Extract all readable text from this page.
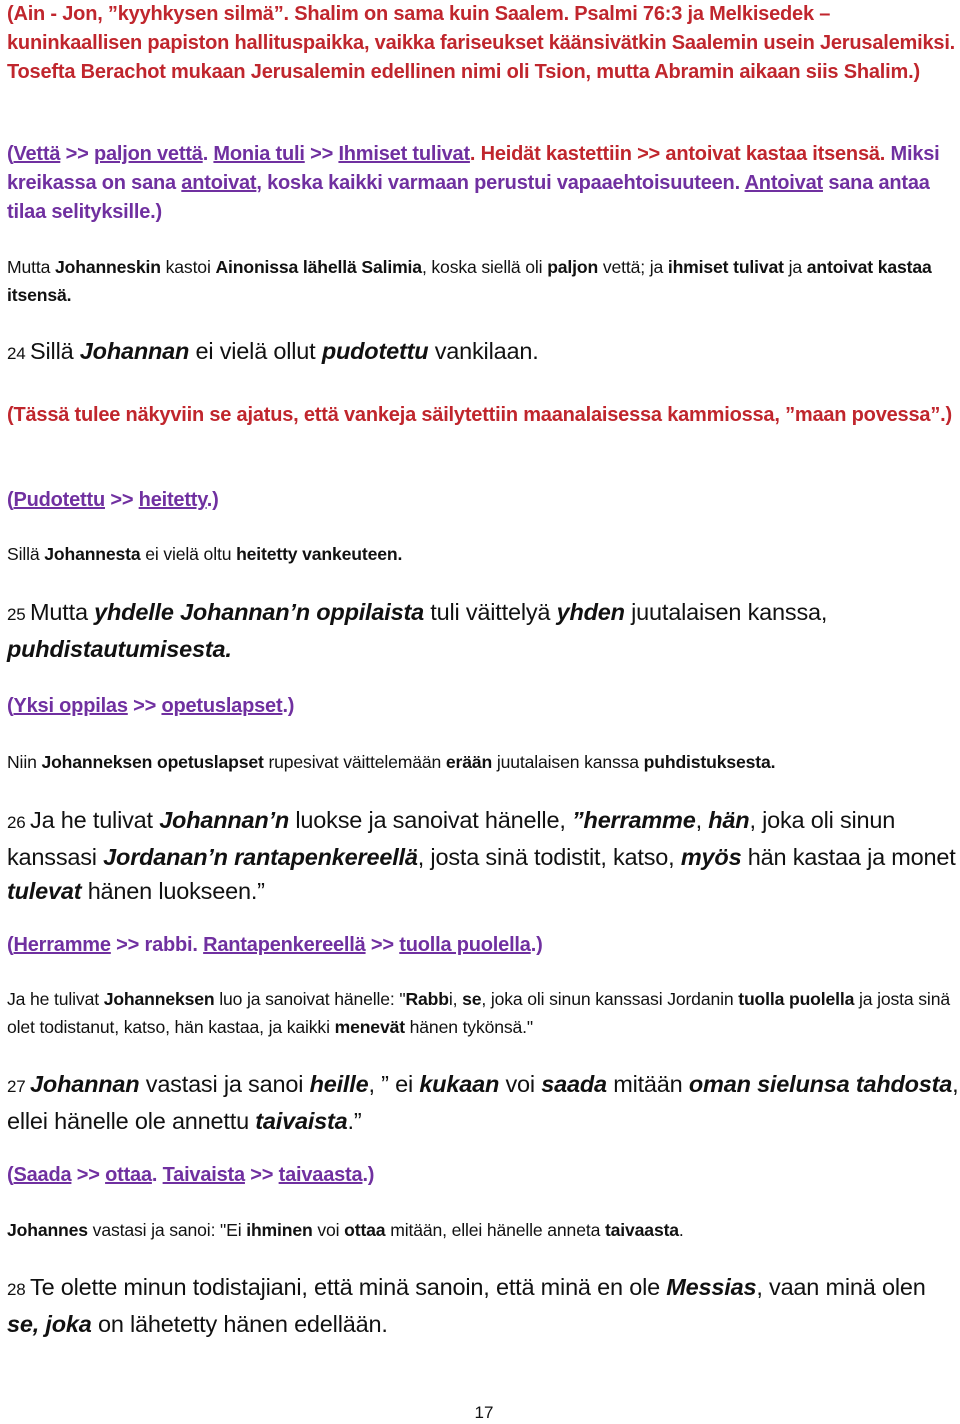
(Ain - Jon, ”kyyhkysen silmä”. Shalim on sama kuin Saalem. Psalmi 76:3 ja Melkisedek – kuninkaallisen papiston hallituspaikka, vaikka fariseukset käänsivätkin Saalemin usein Jerusalemiksi. Tosefta Berachot mukaan Jerusalemin edellinen nimi oli Tsion, mutta Abramin aikaan siis Shalim.)

(Vettä >> paljon vettä. Monia tuli >> Ihmiset tulivat. Heidät kastettiin >> antoivat kastaa itsensä. Miksi kreikassa on sana antoivat, koska kaikki varmaan perustui vapaaehtoisuuteen. Antoivat sana antaa tilaa selityksille.)

Mutta Johanneskin kastoi Ainonissa lähellä Salimia, koska siellä oli paljon vettä; ja ihmiset tulivat ja antoivat kastaa itsensä.

24 Sillä Johannan ei vielä ollut pudotettu vankilaan.

(Tässä tulee näkyviin se ajatus, että vankeja säilytettiin maanalaisessa kammiossa, ”maan povessa”.)

(Pudotettu >> heitetty.)

Sillä Johannesta ei vielä oltu heitetty vankeuteen.

25 Mutta yhdelle Johannan’n oppilaista tuli väittelyä yhden juutalaisen kanssa, puhdistautumisesta.

(Yksi oppilas >> opetuslapset.)

Niin Johanneksen opetuslapset rupesivat väittelemään erään juutalaisen kanssa puhdistuksesta.

26 Ja he tulivat Johannan’n luokse ja sanoivat hänelle, ”herramme, hän, joka oli sinun kanssasi Jordanan’n rantapenkereellä, josta sinä todistit, katso, myös hän kastaa ja monet tulevat hänen luokseen.”

(Herramme >> rabbi. Rantapenkereellä >> tuolla puolella.)

Ja he tulivat Johanneksen luo ja sanoivat hänelle: "Rabbi, se, joka oli sinun kanssasi Jordanin tuolla puolella ja josta sinä olet todistanut, katso, hän kastaa, ja kaikki menevät hänen tykönsä."

27 Johannan vastasi ja sanoi heille, ” ei kukaan voi saada mitään oman sielunsa tahdosta, ellei hänelle ole annettu taivaista.”

(Saada >> ottaa. Taivaista >> taivaasta.)

Johannes vastasi ja sanoi: "Ei ihminen voi ottaa mitään, ellei hänelle anneta taivaasta.

28 Te olette minun todistajiani, että minä sanoin, että minä en ole Messias, vaan minä olen se, joka on lähetetty hänen edellään.

17
